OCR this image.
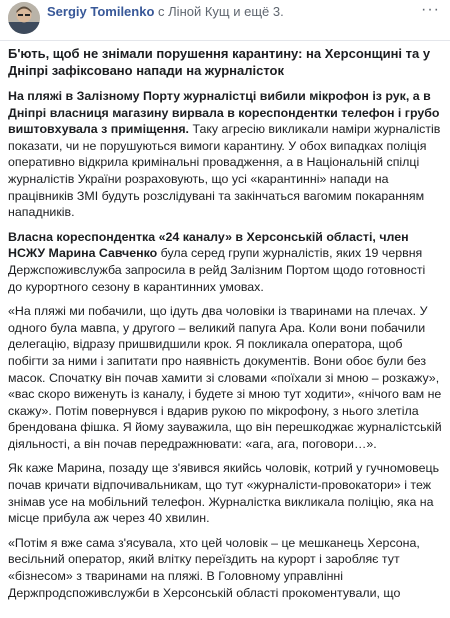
Sergiy Tomilenko с Ліной Кущ и ещё 3.	···
Б'ють, щоб не знімали порушення карантину: на Херсонщині та у Дніпрі зафіксовано напади на журналісток

На пляжі в Залізному Порту журналістці вибили мікрофон із рук, а в Дніпрі власниця магазину вирвала в кореспондентки телефон і грубо виштовхувала з приміщення. Таку агресію викликали наміри журналістів показати, чи не порушуються вимоги карантину. У обох випадках поліція оперативно відкрила кримінальні провадження, а в Національній спілці журналістів України розраховують, що усі «карантинні» напади на працівників ЗМІ будуть розслідувані та закінчаться вагомим покаранням нападників.

Власна кореспондентка «24 каналу» в Херсонській області, член НСЖУ Марина Савченко була серед групи журналістів, яких 19 червня Держспоживслужба запросила в рейд Залізним Портом щодо готовності до курортного сезону в карантинних умовах.

«На пляжі ми побачили, що ідуть два чоловіки із тваринами на плечах. У одного була мавпа, у другого – великий папуга Ара. Коли вони побачили делегацію, відразу пришвидшили крок. Я покликала оператора, щоб побігти за ними і запитати про наявність документів. Вони обоє були без масок. Спочатку він почав хамити зі словами «поїхали зі мною – розкажу», «вас скоро виженуть із каналу, і будете зі мною тут ходити», «нічого вам не скажу». Потім повернувся і вдарив рукою по мікрофону, з нього злетіла брендована фішка. Я йому зауважила, що він перешкоджає журналістській діяльності, а він почав передражнювати: «ага, ага, поговори…».

Як каже Марина, позаду ще з'явився якийсь чоловік, котрий у гучномовець почав кричати відпочивальникам, що тут «журналісти-провокатори» і теж знімав усе на мобільний телефон. Журналістка викликала поліцію, яка на місце прибула аж через 40 хвилин.

«Потім я вже сама з'ясувала, хто цей чоловік – це мешканець Херсона, весільний оператор, який влітку переїздить на курорт і заробляє тут «бізнесом» з тваринами на пляжі. В Головному управлінні Держпродспоживслужби в Херсонській області прокоментували, що
